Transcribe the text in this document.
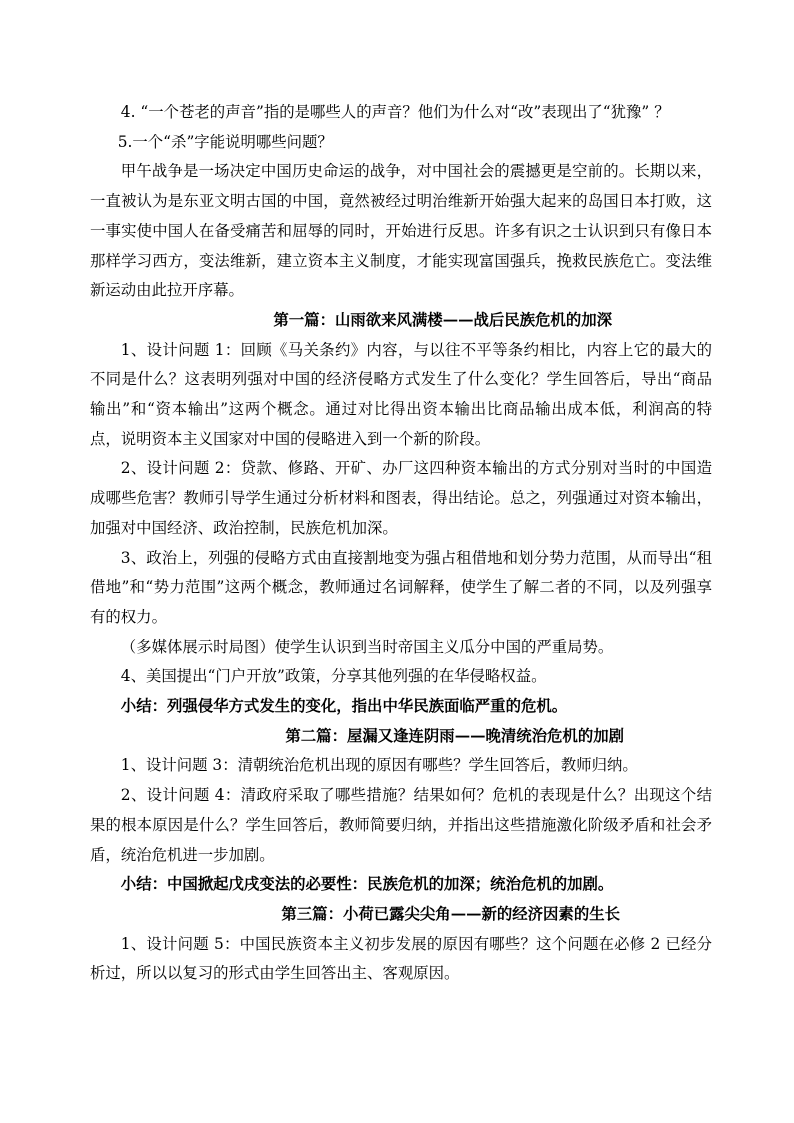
4. “一个苍老的声音”指的是哪些人的声音？他们为什么对“改”表现出了“犹豫” ？

5.一个“杀”字能说明哪些问题？

甲午战争是一场决定中国历史命运的战争，对中国社会的震撼更是空前的。长期以来，一直被认为是东亚文明古国的中国，竟然被经过明治维新开始强大起来的岛国日本打败，这一事实使中国人在备受痛苦和屈辱的同时，开始进行反思。许多有识之士认识到只有像日本那样学习西方，变法维新，建立资本主义制度，才能实现富国强兵，挽救民族危亡。变法维新运动由此拉开序幕。

第一篇：山雨欲来风满楼——战后民族危机的加深

1、设计问题 1：回顾《马关条约》内容，与以往不平等条约相比，内容上它的最大的不同是什么？这表明列强对中国的经济侵略方式发生了什么变化？学生回答后，导出“商品输出”和“资本输出”这两个概念。通过对比得出资本输出比商品输出成本低，利润高的特点，说明资本主义国家对中国的侵略进入到一个新的阶段。

2、设计问题 2：贷款、修路、开矿、办厂这四种资本输出的方式分别对当时的中国造成哪些危害？教师引导学生通过分析材料和图表，得出结论。总之，列强通过对资本输出，加强对中国经济、政治控制，民族危机加深。

3、政治上，列强的侵略方式由直接割地变为强占租借地和划分势力范围，从而导出“租借地”和“势力范围”这两个概念，教师通过名词解释，使学生了解二者的不同，以及列强享有的权力。

（多媒体展示时局图）使学生认识到当时帝国主义瓜分中国的严重局势。

4、美国提出“门户开放”政策，分享其他列强的在华侵略权益。

小结：列强侵华方式发生的变化，指出中华民族面临严重的危机。

第二篇：屋漏又逢连阴雨——晚清统治危机的加剧

1、设计问题 3：清朝统治危机出现的原因有哪些？学生回答后，教师归纳。

2、设计问题 4：清政府采取了哪些措施？结果如何？危机的表现是什么？出现这个结果的根本原因是什么？学生回答后，教师简要归纳，并指出这些措施激化阶级矛盾和社会矛盾，统治危机进一步加剧。

小结：中国掀起戊戌变法的必要性：民族危机的加深；统治危机的加剧。

第三篇：小荷已露尖尖角——新的经济因素的生长

1、设计问题 5：中国民族资本主义初步发展的原因有哪些？这个问题在必修 2 已经分析过，所以以复习的形式由学生回答出主、客观原因。
